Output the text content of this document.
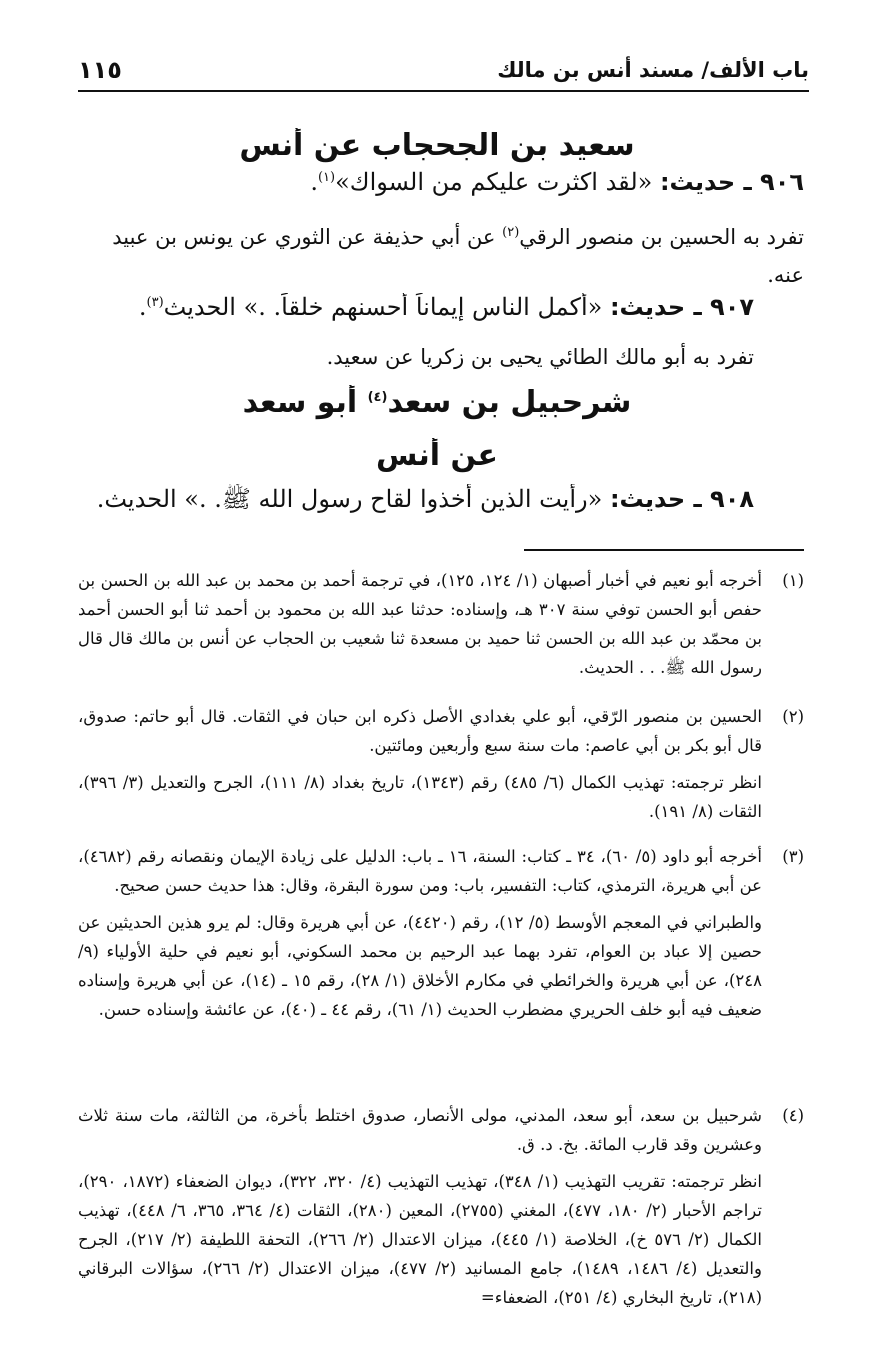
باب الألف/ مسند أنس بن مالك
١١٥
سعيد بن الجحجاب عن أنس
٩٠٦ ـ حديث: «لقد اكثرت عليكم من السواك»$^{(١)}$.
تفرد به الحسين بن منصور الرقي$^{(٢)}$ عن أبي حذيفة عن الثوري عن يونس بن عبيد عنه.
٩٠٧ ـ حديث: «أكمل الناس إيماناً أحسنهم خلقاً. .» الحديث$^{(٣)}$.
تفرد به أبو مالك الطائي يحيى بن زكريا عن سعيد.
شرحبيل بن سعد$^{(٤)}$ أبو سعد
عن أنس
٩٠٨ ـ حديث: «رأيت الذين أخذوا لقاح رسول الله ﷺ. .» الحديث.
(١)

أخرجه أبو نعيم في أخبار أصبهان (١/ ١٢٤، ١٢٥)، في ترجمة أحمد بن محمد بن عبد الله بن الحسن بن حفص أبو الحسن توفي سنة ٣٠٧ هـ، وإسناده: حدثنا عبد الله بن محمود بن أحمد ثنا أبو الحسن أحمد بن محمّد بن عبد الله بن الحسن ثنا حميد بن مسعدة ثنا شعيب بن الحجاب عن أنس بن مالك قال قال رسول الله ﷺ. . . الحديث.

(٢)

الحسين بن منصور الرّقي، أبو علي بغدادي الأصل ذكره ابن حبان في الثقات. قال أبو حاتم: صدوق، قال أبو بكر بن أبي عاصم: مات سنة سبع وأربعين ومائتين.

انظر ترجمته: تهذيب الكمال (٦/ ٤٨٥) رقم (١٣٤٣)، تاريخ بغداد (٨/ ١١١)، الجرح والتعديل (٣/ ٣٩٦)، الثقات (٨/ ١٩١).

(٣)

أخرجه أبو داود (٥/ ٦٠)، ٣٤ ـ كتاب: السنة، ١٦ ـ باب: الدليل على زيادة الإيمان ونقصانه رقم (٤٦٨٢)، عن أبي هريرة، الترمذي، كتاب: التفسير، باب: ومن سورة البقرة، وقال: هذا حديث حسن صحيح.

والطبراني في المعجم الأوسط (٥/ ١٢)، رقم (٤٤٢٠)، عن أبي هريرة وقال: لم يرو هذين الحديثين عن حصين إلا عباد بن العوام، تفرد بهما عبد الرحيم بن محمد السكوني، أبو نعيم في حلية الأولياء (٩/ ٢٤٨)، عن أبي هريرة والخرائطي في مكارم الأخلاق (١/ ٢٨)، رقم ١٥ ـ (١٤)، عن أبي هريرة وإسناده ضعيف فيه أبو خلف الحريري مضطرب الحديث (١/ ٦١)، رقم ٤٤ ـ (٤٠)، عن عائشة وإسناده حسن.

(٤)

شرحبيل بن سعد، أبو سعد، المدني، مولى الأنصار، صدوق اختلط بأخرة، من الثالثة، مات سنة ثلاث وعشرين وقد قارب المائة. بخ. د. ق.

انظر ترجمته: تقريب التهذيب (١/ ٣٤٨)، تهذيب التهذيب (٤/ ٣٢٠، ٣٢٢)، ديوان الضعفاء (١٨٧٢، ٢٩٠)، تراجم الأحبار (٢/ ١٨٠، ٤٧٧)، المغني (٢٧٥٥)، المعين (٢٨٠)، الثقات (٤/ ٣٦٤، ٣٦٥، ٦/ ٤٤٨)، تهذيب الكمال (٢/ ٥٧٦ خ)، الخلاصة (١/ ٤٤٥)، ميزان الاعتدال (٢/ ٢٦٦)، التحفة اللطيفة (٢/ ٢١٧)، الجرح والتعديل (٤/ ١٤٨٦، ١٤٨٩)، جامع المسانيد (٢/ ٤٧٧)، ميزان الاعتدال (٢/ ٢٦٦)، سؤالات البرقاني (٢١٨)، تاريخ البخاري (٤/ ٢٥١)، الضعفاء=
